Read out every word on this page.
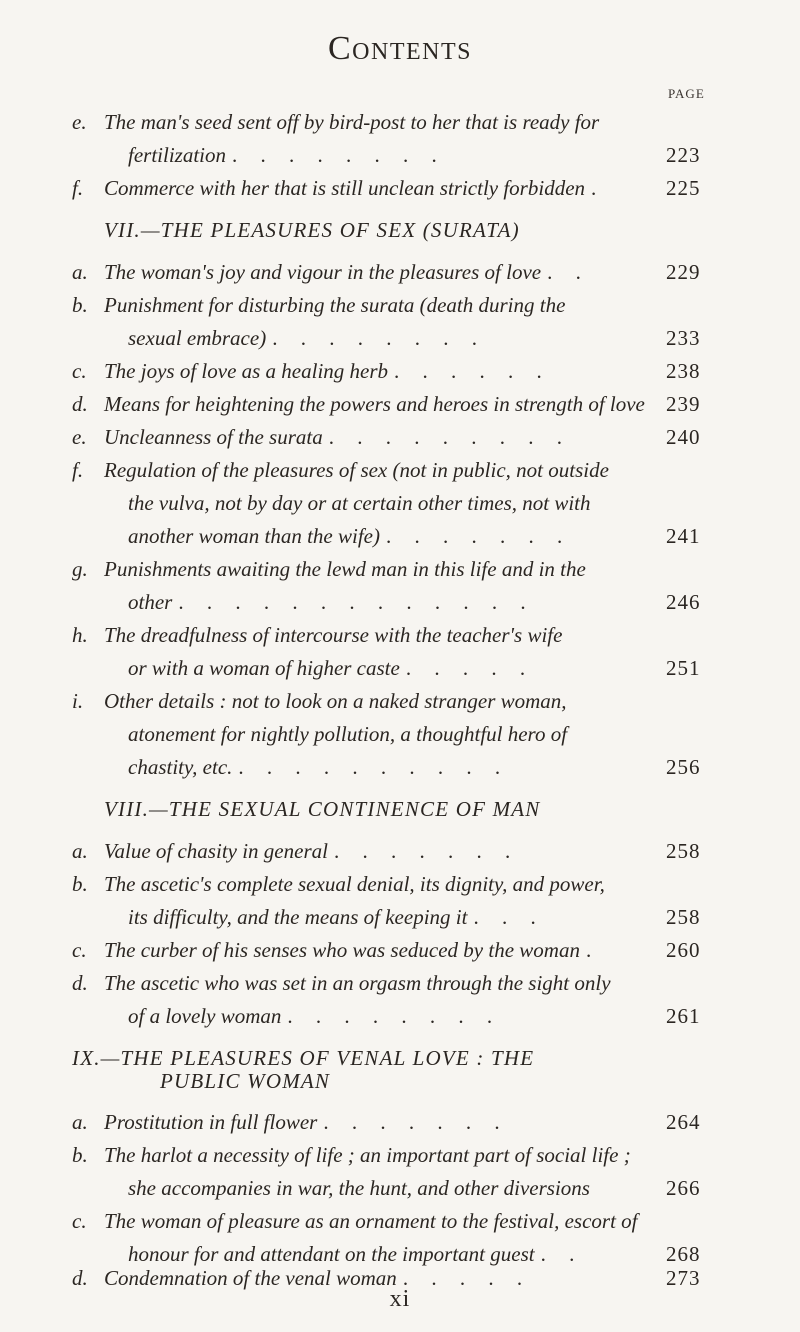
Contents
PAGE
e. The man's seed sent off by bird-post to her that is ready for
fertilization . . . . . . . .	223
f. Commerce with her that is still unclean strictly forbidden .	225
VII.—THE PLEASURES OF SEX (SURATA)
a. The woman's joy and vigour in the pleasures of love . .	229
b. Punishment for disturbing the surata (death during the
sexual embrace) . . . . . . . .	233
c. The joys of love as a healing herb . . . . . .	238
d. Means for heightening the powers and heroes in strength of love 239
e. Uncleanness of the surata . . . . . . . . .	240
f. Regulation of the pleasures of sex (not in public, not outside
the vulva, not by day or at certain other times, not with
another woman than the wife) . . . . . . .	241
g. Punishments awaiting the lewd man in this life and in the
other . . . . . . . . . . . . .	246
h. The dreadfulness of intercourse with the teacher's wife
or with a woman of higher caste . . . . .	251
i. Other details : not to look on a naked stranger woman,
atonement for nightly pollution, a thoughtful hero of
chastity, etc. . . . . . . . . . .	256
VIII.—THE SEXUAL CONTINENCE OF MAN
a. Value of chasity in general . . . . . . .	258
b. The ascetic's complete sexual denial, its dignity, and power,
its difficulty, and the means of keeping it . . .	258
c. The curber of his senses who was seduced by the woman .	260
d. The ascetic who was set in an orgasm through the sight only
of a lovely woman . . . . . . . .	261
IX.—THE PLEASURES OF VENAL LOVE : THE
PUBLIC WOMAN
a. Prostitution in full flower . . . . . . .	264
b. The harlot a necessity of life ; an important part of social life ;
she accompanies in war, the hunt, and other diversions	266
c. The woman of pleasure as an ornament to the festival, escort of
honour for and attendant on the important guest . .	268
d. Condemnation of the venal woman . . . . .	273
xi
